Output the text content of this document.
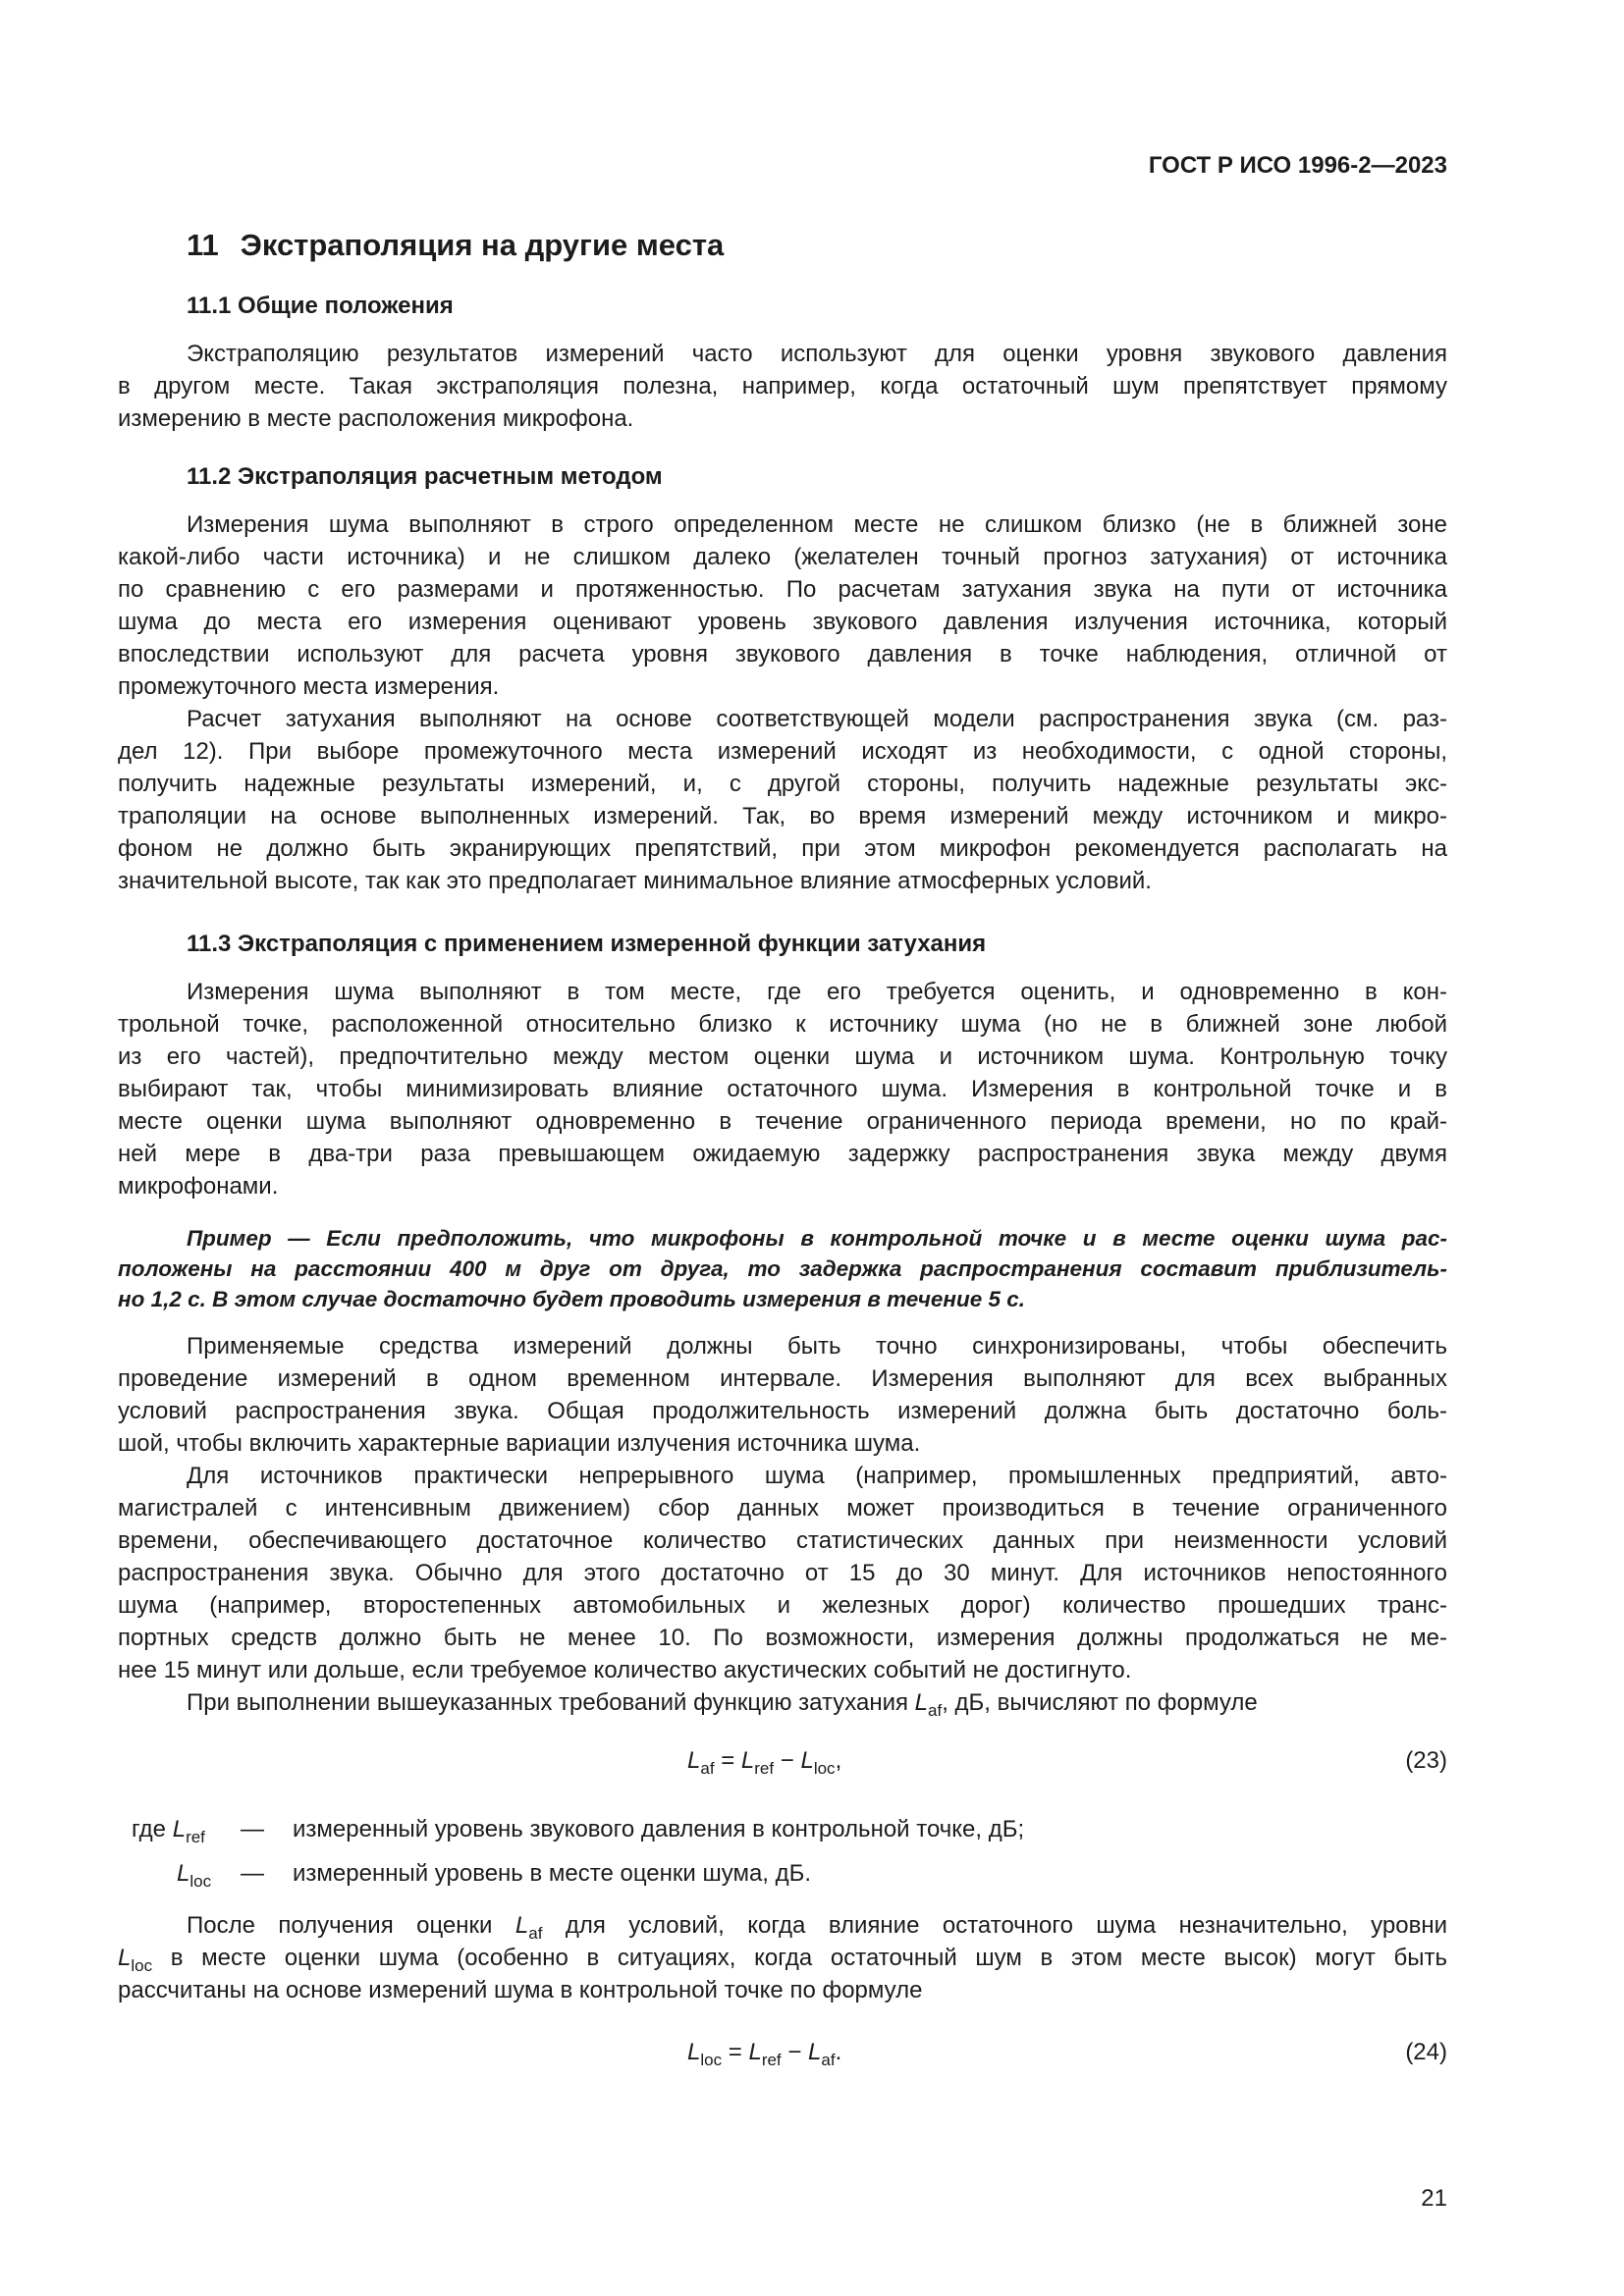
ГОСТ Р ИСО 1996-2—2023
11 Экстраполяция на другие места
11.1 Общие положения
Экстраполяцию результатов измерений часто используют для оценки уровня звукового давления
в другом месте. Такая экстраполяция полезна, например, когда остаточный шум препятствует прямому
измерению в месте расположения микрофона.
11.2 Экстраполяция расчетным методом
Измерения шума выполняют в строго определенном месте не слишком близко (не в ближней зоне
какой-либо части источника) и не слишком далеко (желателен точный прогноз затухания) от источника
по сравнению с его размерами и протяженностью. По расчетам затухания звука на пути от источника
шума до места его измерения оценивают уровень звукового давления излучения источника, который
впоследствии используют для расчета уровня звукового давления в точке наблюдения, отличной от
промежуточного места измерения.
Расчет затухания выполняют на основе соответствующей модели распространения звука (см. раз-
дел 12). При выборе промежуточного места измерений исходят из необходимости, с одной стороны,
получить надежные результаты измерений, и, с другой стороны, получить надежные результаты экс-
траполяции на основе выполненных измерений. Так, во время измерений между источником и микро-
фоном не должно быть экранирующих препятствий, при этом микрофон рекомендуется располагать на
значительной высоте, так как это предполагает минимальное влияние атмосферных условий.
11.3 Экстраполяция с применением измеренной функции затухания
Измерения шума выполняют в том месте, где его требуется оценить, и одновременно в кон-
трольной точке, расположенной относительно близко к источнику шума (но не в ближней зоне любой
из его частей), предпочтительно между местом оценки шума и источником шума. Контрольную точку
выбирают так, чтобы минимизировать влияние остаточного шума. Измерения в контрольной точке и в
месте оценки шума выполняют одновременно в течение ограниченного периода времени, но по край-
ней мере в два-три раза превышающем ожидаемую задержку распространения звука между двумя
микрофонами.
Пример — Если предположить, что микрофоны в контрольной точке и в месте оценки шума рас-
положены на расстоянии 400 м друг от друга, то задержка распространения составит приблизитель-
но 1,2 с. В этом случае достаточно будет проводить измерения в течение 5 с.
Применяемые средства измерений должны быть точно синхронизированы, чтобы обеспечить
проведение измерений в одном временном интервале. Измерения выполняют для всех выбранных
условий распространения звука. Общая продолжительность измерений должна быть достаточно боль-
шой, чтобы включить характерные вариации излучения источника шума.
Для источников практически непрерывного шума (например, промышленных предприятий, авто-
магистралей с интенсивным движением) сбор данных может производиться в течение ограниченного
времени, обеспечивающего достаточное количество статистических данных при неизменности условий
распространения звука. Обычно для этого достаточно от 15 до 30 минут. Для источников непостоянного
шума (например, второстепенных автомобильных и железных дорог) количество прошедших транс-
портных средств должно быть не менее 10. По возможности, измерения должны продолжаться не ме-
нее 15 минут или дольше, если требуемое количество акустических событий не достигнуто.
При выполнении вышеуказанных требований функцию затухания $L_{af}$, дБ, вычисляют по формуле
$L_{af} = L_{ref} - L_{loc}$,	(23)
где $L_{ref}$ — измеренный уровень звукового давления в контрольной точке, дБ;
$L_{loc}$ — измеренный уровень в месте оценки шума, дБ.
После получения оценки $L_{af}$ для условий, когда влияние остаточного шума незначительно, уровни
$L_{loc}$ в месте оценки шума (особенно в ситуациях, когда остаточный шум в этом месте высок) могут быть
рассчитаны на основе измерений шума в контрольной точке по формуле
$L_{loc} = L_{ref} - L_{af}$.	(24)
21
